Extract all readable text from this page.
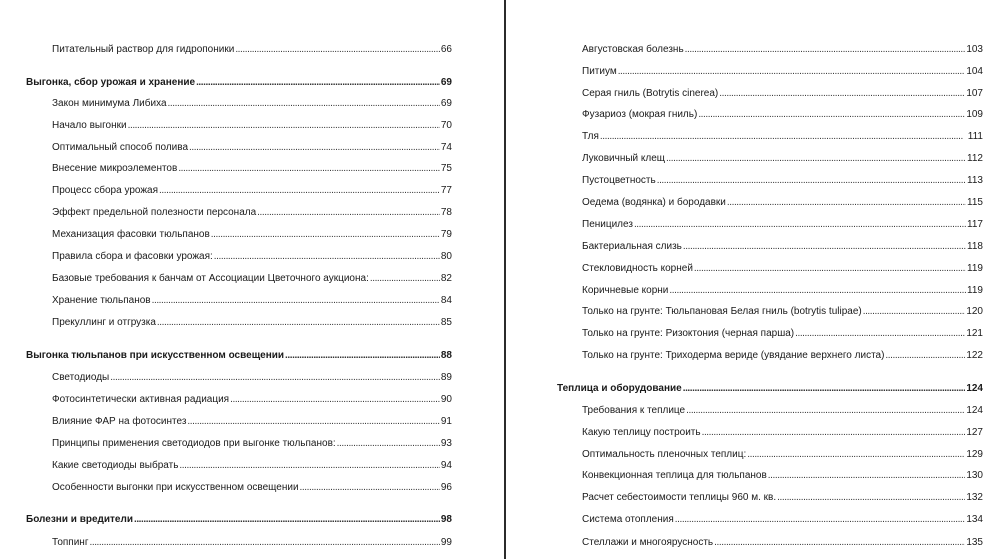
Питательный раствор для гидропоники . . .	66
Выгонка, сбор урожая и хранение . . .	69
Закон минимума Либиха . . .	69
Начало выгонки . . .	70
Оптимальный способ полива . . .	74
Внесение микроэлементов . . .	75
Процесс сбора урожая . . .	77
Эффект предельной полезности персонала . . .	78
Механизация фасовки тюльпанов . . .	79
Правила сбора и фасовки урожая: . . .	80
Базовые требования к банчам от Ассоциации Цветочного аукциона: . . .	82
Хранение тюльпанов . . .	84
Прекуллинг и отгрузка . . .	85
Выгонка тюльпанов при искусственном освещении . . .	88
Светодиоды . . .	89
Фотосинтетически активная радиация . . .	90
Влияние ФАР на фотосинтез . . .	91
Принципы применения светодиодов при выгонке тюльпанов: . . .	93
Какие светодиоды выбрать . . .	94
Особенности выгонки при искусственном освещении . . .	96
Болезни и вредители . . .	98
Топпинг . . .	99
Августовская болезнь . . .	103
Питиум . . .	104
Серая гниль (Botrytis cinerea) . . .	107
Фузариоз (мокрая гниль) . . .	109
Тля . . .	111
Луковичный клещ . . .	112
Пустоцветность . . .	113
Оедема (водянка) и бородавки . . .	115
Пеницилез . . .	117
Бактериальная слизь . . .	118
Стекловидность корней . . .	119
Коричневые корни . . .	119
Только на грунте: Тюльпановая Белая гниль (botrytis tulipae) . . .	120
Только на грунте: Ризоктония (черная парша) . . .	121
Только на грунте: Триходерма вериде (увядание верхнего листа) . . .	122
Теплица и оборудование . . .	124
Требования к теплице . . .	124
Какую теплицу построить . . .	127
Оптимальность пленочных теплиц: . . .	129
Конвекционная теплица для тюльпанов . . .	130
Расчет себестоимости теплицы 960 м. кв. . . .	132
Система отопления . . .	134
Стеллажи и многоярусность . . .	135
